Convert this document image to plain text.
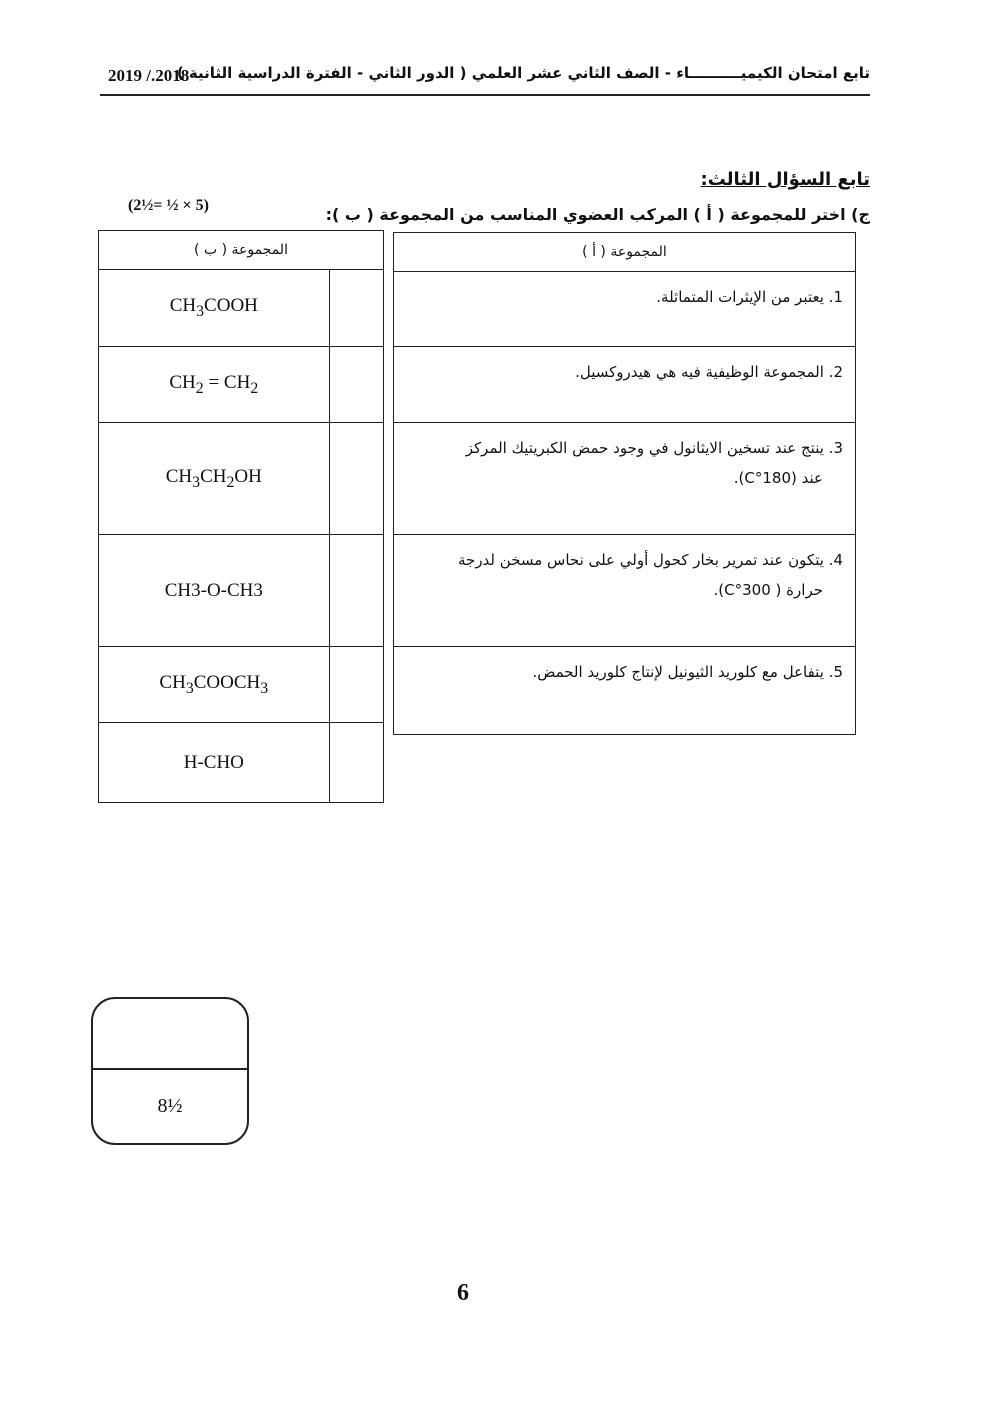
تابع امتحان الكيميــــــــــاء - الصف الثاني عشر العلمي ( الدور الثاني - الفترة الدراسية الثانية )
2019 /.2018
تابع السؤال الثالث:
ج) اختر للمجموعة ( أ ) المركب العضوي المناسب من المجموعة ( ب ):
(2½= ½ × 5)
المجموعة ( أ )
1. يعتبر من الإيثرات المتماثلة.
2. المجموعة الوظيفية فيه هي هيدروكسيل.
3. ينتج عند تسخين الايثانول في وجود حمض الكبريتيك المركز
عند (180°C).
4. يتكون عند تمرير بخار كحول أولي على نحاس مسخن لدرجة
حرارة ( 300°C).
5. يتفاعل مع كلوريد الثيونيل لإنتاج كلوريد الحمض.
المجموعة ( ب )	
$CH_3COOH$	
$CH_2 = CH_2$	
$CH_3CH_2OH$	
CH3-O-CH3	
$CH_3COOCH_3$	
H-CHO	
8½
6
